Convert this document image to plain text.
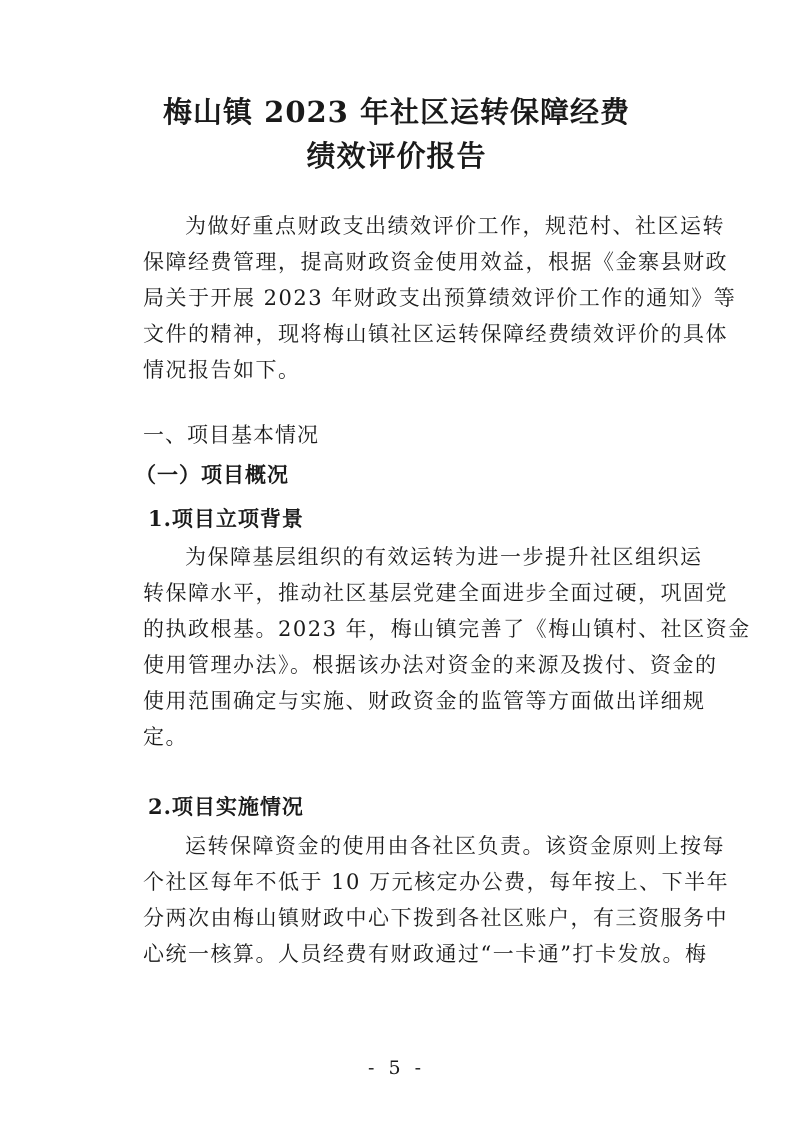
梅山镇 2023 年社区运转保障经费
绩效评价报告
为做好重点财政支出绩效评价工作，规范村、社区运转
保障经费管理，提高财政资金使用效益，根据《金寨县财政
局关于开展 2023 年财政支出预算绩效评价工作的通知》等
文件的精神，现将梅山镇社区运转保障经费绩效评价的具体
情况报告如下。
一、项目基本情况
（一）项目概况
1.项目立项背景
为保障基层组织的有效运转为进一步提升社区组织运
转保障水平，推动社区基层党建全面进步全面过硬，巩固党
的执政根基。2023 年，梅山镇完善了《梅山镇村、社区资金
使用管理办法》。根据该办法对资金的来源及拨付、资金的
使用范围确定与实施、财政资金的监管等方面做出详细规
定。
2.项目实施情况
运转保障资金的使用由各社区负责。该资金原则上按每
个社区每年不低于 10 万元核定办公费，每年按上、下半年
分两次由梅山镇财政中心下拨到各社区账户，有三资服务中
心统一核算。人员经费有财政通过“一卡通”打卡发放。梅
- 5 -
